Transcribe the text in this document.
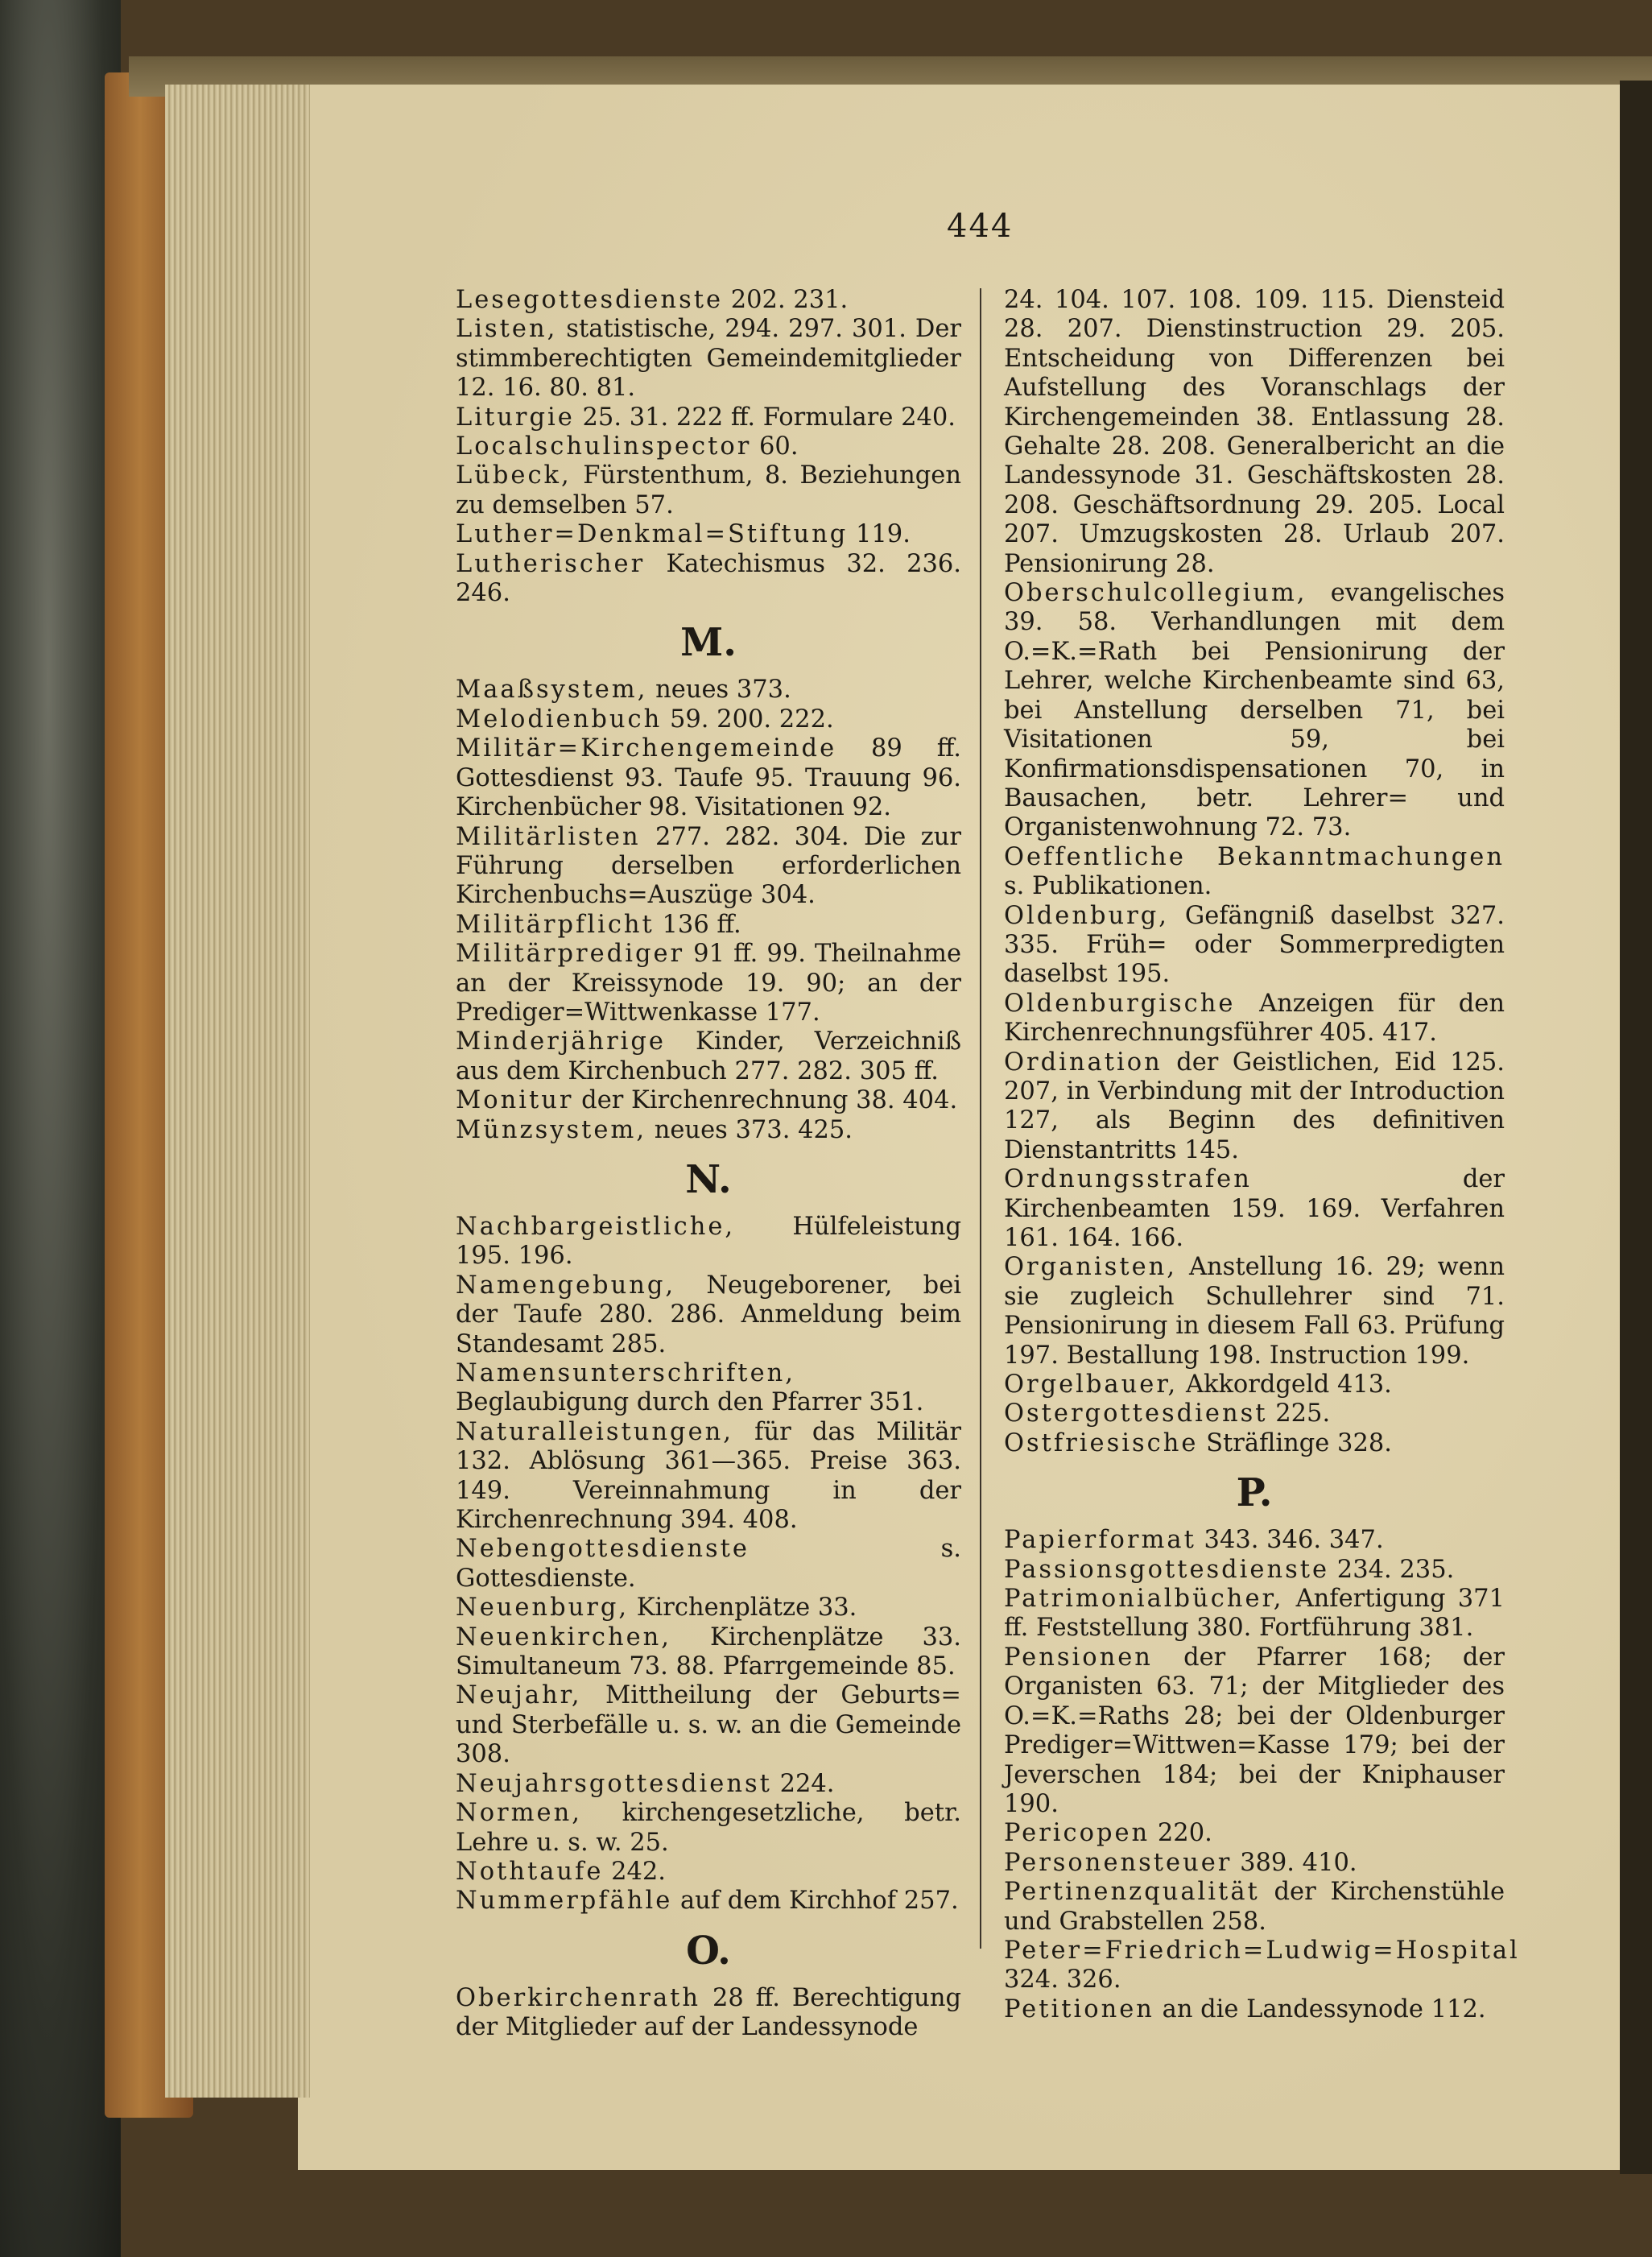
444

Lesegottesdienste 202. 231.

Listen, statistische, 294. 297. 301. Der stimmberechtigten Gemeindemitglieder 12. 16. 80. 81.

Liturgie 25. 31. 222 ff. Formulare 240.

Localschulinspector 60.

Lübeck, Fürstenthum, 8. Beziehungen zu demselben 57.

Luther=Denkmal=Stiftung 119.

Lutherischer Katechismus 32. 236. 246.

M.

Maaßsystem, neues 373.

Melodienbuch 59. 200. 222.

Militär=Kirchengemeinde 89 ff. Gottesdienst 93. Taufe 95. Trauung 96. Kirchenbücher 98. Visitationen 92.

Militärlisten 277. 282. 304. Die zur Führung derselben erforderlichen Kirchenbuchs=Auszüge 304.

Militärpflicht 136 ff.

Militärprediger 91 ff. 99. Theilnahme an der Kreissynode 19. 90; an der Prediger=Wittwenkasse 177.

Minderjährige Kinder, Verzeichniß aus dem Kirchenbuch 277. 282. 305 ff.

Monitur der Kirchenrechnung 38. 404.

Münzsystem, neues 373. 425.

N.

Nachbargeistliche, Hülfeleistung 195. 196.

Namengebung, Neugeborener, bei der Taufe 280. 286. Anmeldung beim Standesamt 285.

Namensunterschriften, Beglaubigung durch den Pfarrer 351.

Naturalleistungen, für das Militär 132. Ablösung 361—365. Preise 363. 149. Vereinnahmung in der Kirchenrechnung 394. 408.

Nebengottesdienste s. Gottesdienste.

Neuenburg, Kirchenplätze 33.

Neuenkirchen, Kirchenplätze 33. Simultaneum 73. 88. Pfarrgemeinde 85.

Neujahr, Mittheilung der Geburts= und Sterbefälle u. s. w. an die Gemeinde 308.

Neujahrsgottesdienst 224.

Normen, kirchengesetzliche, betr. Lehre u. s. w. 25.

Nothtaufe 242.

Nummerpfähle auf dem Kirchhof 257.

O.

Oberkirchenrath 28 ff. Berechtigung der Mitglieder auf der Landessynode

24. 104. 107. 108. 109. 115. Diensteid 28. 207. Dienstinstruction 29. 205. Entscheidung von Differenzen bei Aufstellung des Voranschlags der Kirchengemeinden 38. Entlassung 28. Gehalte 28. 208. Generalbericht an die Landessynode 31. Geschäftskosten 28. 208. Geschäftsordnung 29. 205. Local 207. Umzugskosten 28. Urlaub 207. Pensionirung 28.

Oberschulcollegium, evangelisches 39. 58. Verhandlungen mit dem O.=K.=Rath bei Pensionirung der Lehrer, welche Kirchenbeamte sind 63, bei Anstellung derselben 71, bei Visitationen 59, bei Konfirmationsdispensationen 70, in Bausachen, betr. Lehrer= und Organistenwohnung 72. 73.

Oeffentliche Bekanntmachungen s. Publikationen.

Oldenburg, Gefängniß daselbst 327. 335. Früh= oder Sommerpredigten daselbst 195.

Oldenburgische Anzeigen für den Kirchenrechnungsführer 405. 417.

Ordination der Geistlichen, Eid 125. 207, in Verbindung mit der Introduction 127, als Beginn des definitiven Dienstantritts 145.

Ordnungsstrafen der Kirchenbeamten 159. 169. Verfahren 161. 164. 166.

Organisten, Anstellung 16. 29; wenn sie zugleich Schullehrer sind 71. Pensionirung in diesem Fall 63. Prüfung 197. Bestallung 198. Instruction 199.

Orgelbauer, Akkordgeld 413.

Ostergottesdienst 225.

Ostfriesische Sträflinge 328.

P.

Papierformat 343. 346. 347.

Passionsgottesdienste 234. 235.

Patrimonialbücher, Anfertigung 371 ff. Feststellung 380. Fortführung 381.

Pensionen der Pfarrer 168; der Organisten 63. 71; der Mitglieder des O.=K.=Raths 28; bei der Oldenburger Prediger=Wittwen=Kasse 179; bei der Jeverschen 184; bei der Kniphauser 190.

Pericopen 220.

Personensteuer 389. 410.

Pertinenzqualität der Kirchenstühle und Grabstellen 258.

Peter=Friedrich=Ludwig=Hospital 324. 326.

Petitionen an die Landessynode 112.
